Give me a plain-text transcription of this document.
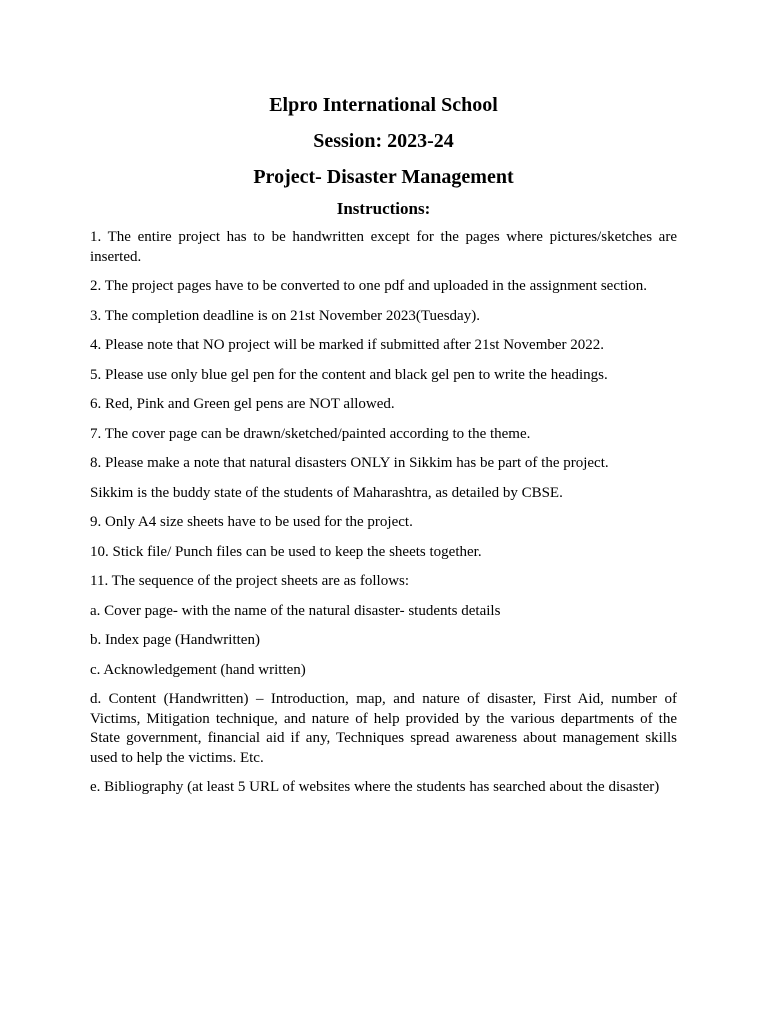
Elpro International School
Session: 2023-24
Project- Disaster Management
Instructions:

1. The entire project has to be handwritten except for the pages where pictures/sketches are inserted.

2. The project pages have to be converted to one pdf and uploaded in the assignment section.

3. The completion deadline is on 21st November 2023(Tuesday).

4. Please note that NO project will be marked if submitted after 21st November 2022.

5. Please use only blue gel pen for the content and black gel pen to write the headings.

6. Red, Pink and Green gel pens are NOT allowed.

7. The cover page can be drawn/sketched/painted according to the theme.

8. Please make a note that natural disasters ONLY in Sikkim has be part of the project.

Sikkim is the buddy state of the students of Maharashtra, as detailed by CBSE.

9. Only A4 size sheets have to be used for the project.

10. Stick file/ Punch files can be used to keep the sheets together.

11. The sequence of the project sheets are as follows:

a. Cover page- with the name of the natural disaster- students details

b. Index page (Handwritten)

c. Acknowledgement (hand written)

d. Content (Handwritten) – Introduction, map, and nature of disaster, First Aid, number of Victims, Mitigation technique, and nature of help provided by the various departments of the State government, financial aid if any, Techniques spread awareness about management skills used to help the victims. Etc.

e. Bibliography (at least 5 URL of websites where the students has searched about the disaster)
